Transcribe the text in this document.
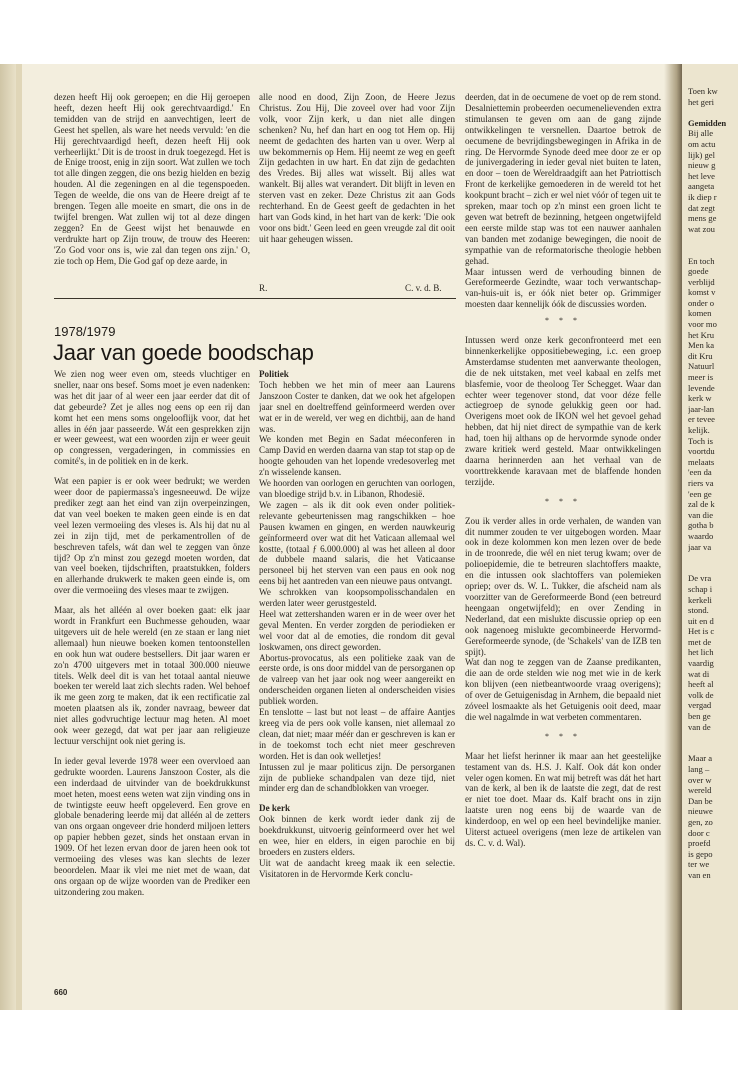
dezen heeft Hij ook geroepen; en die Hij geroepen heeft, dezen heeft Hij ook gerechtvaardigd.' En temidden van de strijd en aanvechtigen, leert de Geest het spellen, als ware het needs vervuld: 'en die Hij gerechtvaardigd heeft, dezen heeft Hij ook verheerlijkt.' Dit is de troost in druk toegezegd. Het is de Enige troost, enig in zijn soort. Wat zullen we toch tot alle dingen zeggen, die ons bezig hielden en bezig houden. Al die zegeningen en al die tegenspoeden. Tegen de weelde, die ons van de Heere dreigt af te brengen. Tegen alle moeite en smart, die ons in de twijfel brengen. Wat zullen wij tot al deze dingen zeggen? En de Geest wijst het benauwde en verdrukte hart op Zijn trouw, de trouw des Heeren: 'Zo God voor ons is, wie zal dan tegen ons zijn.' O, zie toch op Hem, Die God gaf op deze aarde, in

alle nood en dood, Zijn Zoon, de Heere Jezus Christus. Zou Hij, Die zoveel over had voor Zijn volk, voor Zijn kerk, u dan niet alle dingen schenken? Nu, hef dan hart en oog tot Hem op. Hij neemt de gedachten des harten van u over. Werp al uw bekommernis op Hem. Hij neemt ze weg en geeft Zijn gedachten in uw hart. En dat zijn de gedachten des Vredes. Bij alles wat wisselt. Bij alles wat wankelt. Bij alles wat verandert. Dit blijft in leven en sterven vast en zeker. Deze Christus zit aan Gods rechterhand. En de Geest geeft de gedachten in het hart van Gods kind, in het hart van de kerk: 'Die ook voor ons bidt.' Geen leed en geen vreugde zal dit ooit uit haar geheugen wissen.

R.	C. v. d. B.
1978/1979
Jaar van goede boodschap

We zien nog weer even om, steeds vluchtiger en sneller, naar ons besef. Soms moet je even nadenken: was het dit jaar of al weer een jaar eerder dat dit of dat gebeurde? Zet je alles nog eens op een rij dan komt het een mens soms ongelooflijk voor, dat het alles in één jaar passeerde. Wát een gesprekken zijn er weer geweest, wat een woorden zijn er weer geuit op congressen, vergaderingen, in commissies en comité's, in de politiek en in de kerk.

Wat een papier is er ook weer bedrukt; we werden weer door de papiermassa's ingesneeuwd. De wijze prediker zegt aan het eind van zijn overpeinzingen, dat van veel boeken te maken geen einde is en dat veel lezen vermoeiing des vleses is. Als hij dat nu al zei in zijn tijd, met de perkamentrollen of de beschreven tafels, wát dan wel te zeggen van önze tijd? Op z'n minst zou gezegd moeten worden, dat van veel boeken, tijdschriften, praatstukken, folders en allerhande drukwerk te maken geen einde is, om over die vermoeiing des vleses maar te zwijgen.

Maar, als het alléén al over boeken gaat: elk jaar wordt in Frankfurt een Buchmesse gehouden, waar uitgevers uit de hele wereld (en ze staan er lang niet allemaal) hun nieuwe boeken komen tentoonstellen en ook hun wat oudere bestsellers. Dit jaar waren er zo'n 4700 uitgevers met in totaal 300.000 nieuwe titels. Welk deel dit is van het totaal aantal nieuwe boeken ter wereld laat zich slechts raden. Wel behoef ik me geen zorg te maken, dat ik een rectificatie zal moeten plaatsen als ik, zonder navraag, beweer dat niet alles godvruchtige lectuur mag heten. Al moet ook weer gezegd, dat wat per jaar aan religieuze lectuur verschijnt ook niet gering is.

In ieder geval leverde 1978 weer een overvloed aan gedrukte woorden. Laurens Janszoon Coster, als die een inderdaad de uitvinder van de boekdrukkunst moet heten, moest eens weten wat zijn vinding ons in de twintigste eeuw heeft opgeleverd. Een grove en globale benadering leerde mij dat alléén al de zetters van ons orgaan ongeveer drie honderd miljoen letters op papier hebben gezet, sinds het onstaan ervan in 1909. Of het lezen ervan door de jaren heen ook tot vermoeiing des vleses was kan slechts de lezer beoordelen. Maar ik vlei me niet met de waan, dat ons orgaan op de wijze woorden van de Prediker een uitzondering zou maken.

Politiek

Toch hebben we het min of meer aan Laurens Janszoon Coster te danken, dat we ook het afgelopen jaar snel en doeltreffend geïnformeerd werden over wat er in de wereld, ver weg en dichtbij, aan de hand was.

We konden met Begin en Sadat méeconferen in Camp David en werden daarna van stap tot stap op de hoogte gehouden van het lopende vredesoverleg met z'n wisselende kansen.

We hoorden van oorlogen en geruchten van oorlogen, van bloedige strijd b.v. in Libanon, Rhodesië.

We zagen – als ik dit ook even onder politiek-relevante gebeurtenissen mag rangschikken – hoe Pausen kwamen en gingen, en werden nauwkeurig geïnformeerd over wat dit het Vaticaan allemaal wel kostte, (totaal ƒ 6.000.000) al was het alleen al door de dubbele maand salaris, die het Vaticaanse personeel bij het sterven van een paus en ook nog eens bij het aantreden van een nieuwe paus ontvangt.

We schrokken van koopsompolisschandalen en werden later weer gerustgesteld.

Heel wat zettershanden waren er in de weer over het geval Menten. En verder zorgden de periodieken er wel voor dat al de emoties, die rondom dit geval loskwamen, ons direct geworden.

Abortus-provocatus, als een politieke zaak van de eerste orde, is ons door middel van de persorganen op de valreep van het jaar ook nog weer aangereikt en onderscheiden organen lieten al onderscheiden visies publiek worden.

En tenslotte – last but not least – de affaire Aantjes kreeg via de pers ook volle kansen, niet allemaal zo clean, dat niet; maar méér dan er geschreven is kan er in de toekomst toch echt niet meer geschreven worden. Het is dan ook welletjes!

Intussen zul je maar politicus zijn. De persorganen zijn de publieke schandpalen van deze tijd, niet minder erg dan de schandblokken van vroeger.

De kerk

Ook binnen de kerk wordt ieder dank zij de boekdrukkunst, uitvoerig geïnformeerd over het wel en wee, hier en elders, in eigen parochie en bij broeders en zusters elders.

Uit wat de aandacht kreeg maak ik een selectie. Visitatoren in de Hervormde Kerk conclu-

deerden, dat in de oecumene de voet op de rem stond. Desalniettemin probeerden oecumenelievenden extra stimulansen te geven om aan de gang zijnde ontwikkelingen te versnellen. Daartoe betrok de oecumene de bevrijdingsbewegingen in Afrika in de ring. De Hervormde Synode deed mee door ze er op de junivergadering in ieder geval niet buiten te laten, en door – toen de Wereldraadgift aan het Patriottisch Front de kerkelijke gemoederen in de wereld tot het kookpunt bracht – zich er wel niet vóór of tegen uit te spreken, maar toch op z'n minst een groen licht te geven wat betreft de bezinning, hetgeen ongetwijfeld een eerste milde stap was tot een nauwer aanhalen van banden met zodanige bewegingen, die nooit de sympathie van de reformatorische theologie hebben gehad.

Maar intussen werd de verhouding binnen de Gereformeerde Gezindte, waar toch verwantschap-van-huis-uit is, er óók niet beter op. Grimmiger moesten daar kennelijk óók de discussies worden.

* * *

Intussen werd onze kerk geconfronteerd met een binnenkerkelijke oppositiebeweging, i.c. een groep Amsterdamse studenten met aanverwante theologen, die de nek uitstaken, met veel kabaal en zelfs met blasfemie, voor de theoloog Ter Schegget. Waar dan echter weer tegenover stond, dat voor déze felle actiegroep de synode gelukkig geen oor had. Overigens moet ook de IKON wel het gevoel gehad hebben, dat hij niet direct de sympathie van de kerk had, toen hij althans op de hervormde synode onder zware kritiek werd gesteld. Maar ontwikkelingen daarna herinnerden aan het verhaal van de voorttrekkende karavaan met de blaffende honden terzijde.

* * *

Zou ik verder alles in orde verhalen, de wanden van dit nummer zouden te ver uitgebogen worden. Maar ook in deze kolommen kon men lezen over de bede in de troonrede, die wél en niet terug kwam; over de polioepidemie, die te betreuren slachtoffers maakte, en die intussen ook slachtoffers van polemieken opriep; over ds. W. L. Tukker, die afscheid nam als voorzitter van de Gereformeerde Bond (een betreurd heengaan ongetwijfeld); en over Zending in Nederland, dat een mislukte discussie opriep op een ook nagenoeg mislukte gecombineerde Hervormd-Gereformeerde synode, (de 'Schakels' van de IZB ten spijt).

Wat dan nog te zeggen van de Zaanse predikanten, die aan de orde stelden wie nog met wie in de kerk kon blijven (een nietbeantwoorde vraag overigens); of over de Getuigenisdag in Arnhem, die bepaald niet zóveel losmaakte als het Getuigenis ooit deed, maar die wel nagalmde in wat verbeten commentaren.

* * *

Maar het liefst herinner ik maar aan het geestelijke testament van ds. H.S. J. Kalf. Ook dát kon onder veler ogen komen. En wat mij betreft was dát het hart van de kerk, al ben ik de laatste die zegt, dat de rest er niet toe doet. Maar ds. Kalf bracht ons in zijn laatste uren nog eens bij de waarde van de kinderdoop, en wel op een heel bevindelijke manier. Uiterst actueel overigens (men leze de artikelen van ds. C. v. d. Wal).

660
Toen kw
het geri

Gemidden
Bij alle
om actu
lijk) gel
nieuw g
het leve
aangeta
ik diep r
dat zegt
mens ge
wat zou

En toch
goede
verblijd
komst v
onder o
komen
voor mo
het Kru
Men ka
dit Kru
Natuurl
meer is
levende
kerk w
jaar-lan
er tevee
kelijk.
Toch is
voortdu
melaats
'een da
riers va
'een ge
zal de k
van die
gotha b
waardo
jaar va

De vra
schap i
kerkeli
stond.
uit en d
Het is c
met de
het lich
vaardig
wat di
heeft al
volk de
vergad
ben ge
van de

Maar a
lang –
over w
wereld
Dan be
nieuwe
gen, zo
door c
proefd
is gepo
ter we
van en
